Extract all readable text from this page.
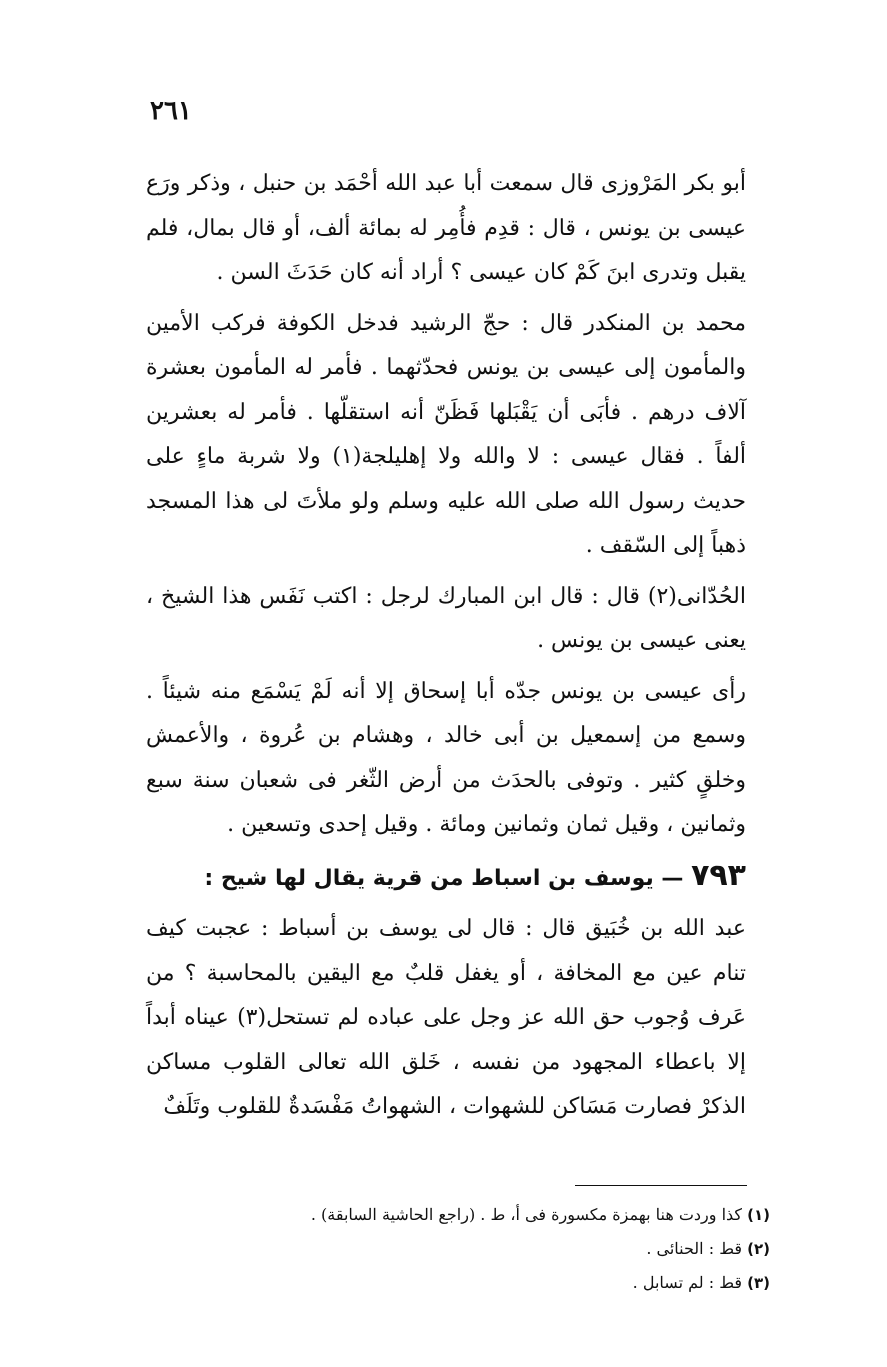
٢٦١

أبو بكر المَرْوزى قال سمعت أبا عبد الله أحْمَد بن حنبل ، وذكر ورَع عيسى بن يونس ، قال : قدِم فأُمِر له بمائة ألف، أو قال بمال، فلم يقبل وتدرى ابنَ كَمْ كان عيسى ؟ أراد أنه كان حَدَثَ السن .

محمد بن المنكدر قال : حجّ الرشيد فدخل الكوفة فركب الأمين والمأمون إلى عيسى بن يونس فحدّثهما . فأمر له المأمون بعشرة آلاف درهم . فأبَى أن يَقْبَلها فَظَنّ أنه استقلّها . فأمر له بعشرين ألفاً . فقال عيسى : لا والله ولا إهليلجة(١) ولا شربة ماءٍ على حديث رسول الله صلى الله عليه وسلم ولو ملأتَ لى هذا المسجد ذهباً إلى السّقف .

الحُدّانى(٢) قال : قال ابن المبارك لرجل : اكتب نَفَس هذا الشيخ ، يعنى عيسى بن يونس .

رأى عيسى بن يونس جدّه أبا إسحاق إلا أنه لَمْ يَسْمَع منه شيئاً . وسمع من إسمعيل بن أبى خالد ، وهشام بن عُروة ، والأعمش وخلقٍ كثير . وتوفى بالحدَث من أرض الثّغر فى شعبان سنة سبع وثمانين ، وقيل ثمان وثمانين ومائة . وقيل إحدى وتسعين .

٧٩٣ — يوسف بن اسباط من قرية يقال لها شيح :

عبد الله بن خُبَيق قال : قال لى يوسف بن أسباط : عجبت كيف تنام عين مع المخافة ، أو يغفل قلبٌ مع اليقين بالمحاسبة ؟ من عَرف وُجوب حق الله عز وجل على عباده لم تستحل(٣) عيناه أبداً إلا باعطاء المجهود من نفسه ، خَلق الله تعالى القلوب مساكن الذكرْ فصارت مَسَاكن للشهوات ، الشهواتُ مَفْسَدةٌ للقلوب وتَلَفٌ

(١) كذا وردت هنا بهمزة مكسورة فى أ، ط . (راجع الحاشية السابقة) .
(٢) قط : الحنائى .
(٣) قط : لم تسابل .
